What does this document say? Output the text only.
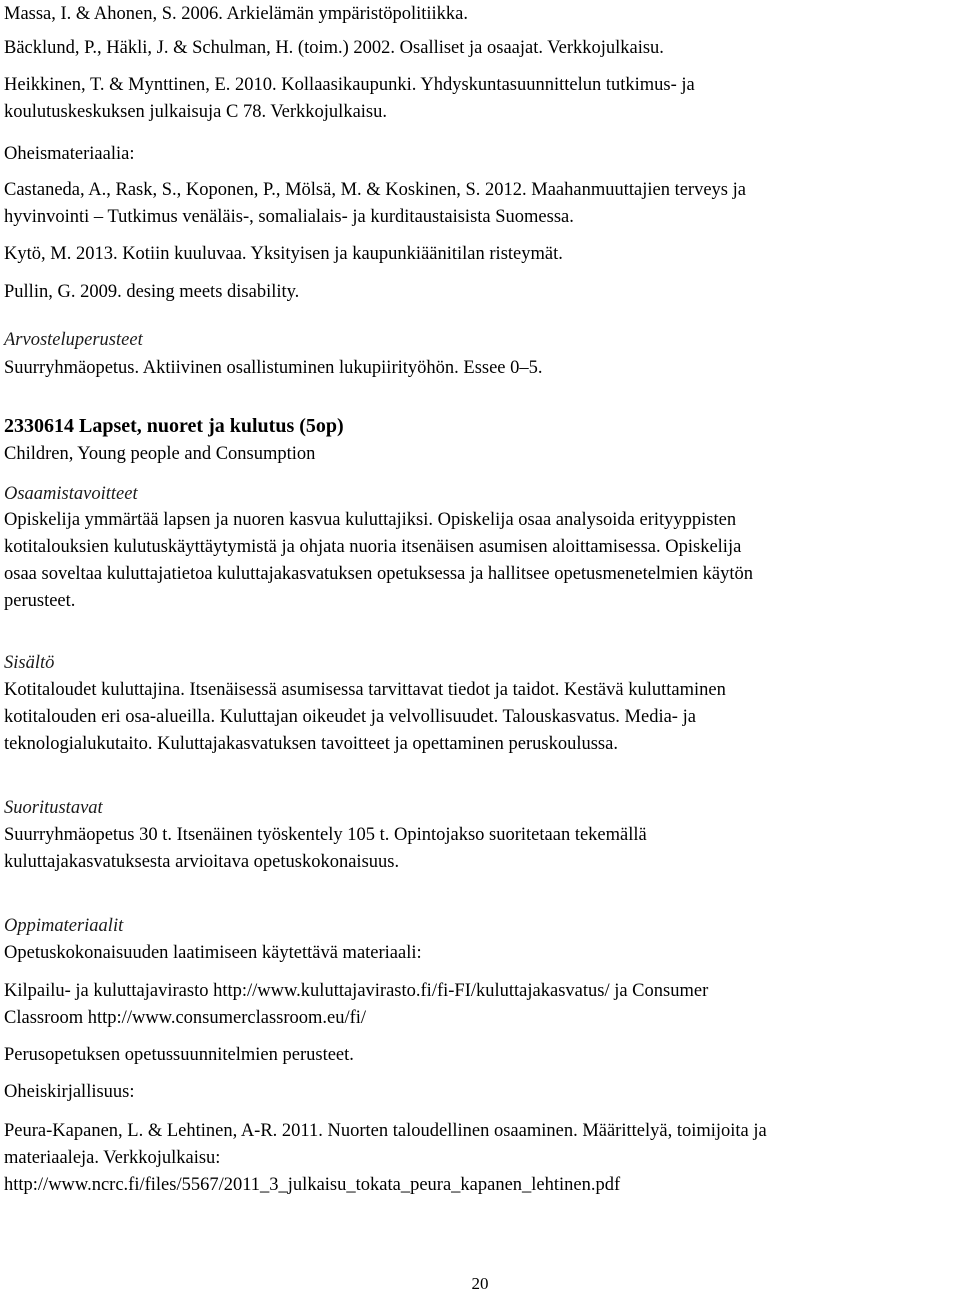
Massa, I. & Ahonen, S. 2006. Arkielämän ympäristöpolitiikka.
Bäcklund, P., Häkli, J. & Schulman, H. (toim.) 2002. Osalliset ja osaajat. Verkkojulkaisu.
Heikkinen, T. & Mynttinen, E. 2010. Kollaasikaupunki. Yhdyskuntasuunnittelun tutkimus- ja
koulutuskeskuksen julkaisuja C 78. Verkkojulkaisu.
Oheismateriaalia:
Castaneda, A., Rask, S., Koponen, P., Mölsä, M. & Koskinen, S. 2012. Maahanmuuttajien terveys ja
hyvinvointi – Tutkimus venäläis-, somalialais- ja kurditaustaisista Suomessa.
Kytö, M. 2013. Kotiin kuuluvaa. Yksityisen ja kaupunkiäänitilan risteymät.
Pullin, G. 2009. desing meets disability.
Arvosteluperusteet
Suurryhmäopetus. Aktiivinen osallistuminen lukupiirityöhön. Essee 0–5.
2330614 Lapset, nuoret ja kulutus (5op)
Children, Young people and Consumption
Osaamistavoitteet
Opiskelija ymmärtää lapsen ja nuoren kasvua kuluttajiksi. Opiskelija osaa analysoida erityyppisten
kotitalouksien kulutuskäyttäytymistä ja ohjata nuoria itsenäisen asumisen aloittamisessa. Opiskelija
osaa soveltaa kuluttajatietoa kuluttajakasvatuksen opetuksessa ja hallitsee opetusmenetelmien käytön
perusteet.
Sisältö
Kotitaloudet kuluttajina. Itsenäisessä asumisessa tarvittavat tiedot ja taidot. Kestävä kuluttaminen
kotitalouden eri osa-alueilla. Kuluttajan oikeudet ja velvollisuudet. Talouskasvatus. Media- ja
teknologialukutaito. Kuluttajakasvatuksen tavoitteet ja opettaminen peruskoulussa.
Suoritustavat
Suurryhmäopetus 30 t. Itsenäinen työskentely 105 t. Opintojakso suoritetaan tekemällä
kuluttajakasvatuksesta arvioitava opetuskokonaisuus.
Oppimateriaalit
Opetuskokonaisuuden laatimiseen käytettävä materiaali:
Kilpailu- ja kuluttajavirasto http://www.kuluttajavirasto.fi/fi-FI/kuluttajakasvatus/ ja Consumer
Classroom http://www.consumerclassroom.eu/fi/
Perusopetuksen opetussuunnitelmien perusteet.
Oheiskirjallisuus:
Peura-Kapanen, L. & Lehtinen, A-R. 2011. Nuorten taloudellinen osaaminen. Määrittelyä, toimijoita ja
materiaaleja. Verkkojulkaisu:
http://www.ncrc.fi/files/5567/2011_3_julkaisu_tokata_peura_kapanen_lehtinen.pdf
20
